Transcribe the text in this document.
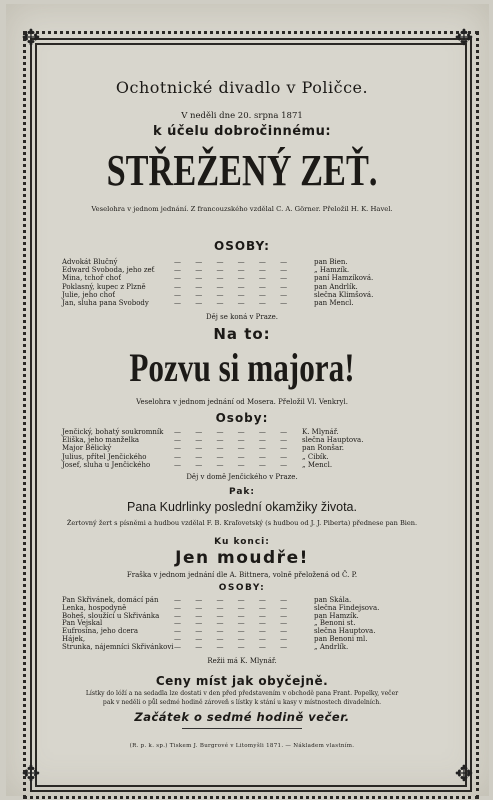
✥	✥
✥	✥
Ochotnické divadlo v Poličce.
V neděli dne 20. srpna 1871
k účelu dobročinnému:
STŘEŽENÝ ZEŤ.
Veselohra v jednom jednání. Z francouzského vzdělal C. A. Görner. Přeložil H. K. Havel.
OSOBY:
Advokát Blučný	— — — — — —	pan Bien.
Edward Svoboda, jeho zeť	— — — — — —	„ Hamzík.
Mina, tchoř choť	— — — — — —	paní Hamzíková.
Poklasný, kupec z Plzně	— — — — — —	pan Andrlík.
Julie, jeho choť	— — — — — —	slečna Klimšová.
Jan, sluha pana Svobody	— — — — — —	pan Mencl.
Děj se koná v Praze.
Na to:
Pozvu si majora!
Veselohra v jednom jednání od Mosera. Přeložil Vl. Venkryl.
Osoby:
Jenčický, bohatý soukromník — — — — — — K. Mlynář.
Eliška, jeho manželka	— — — — — — slečna Hauptova.
Major Bělický	— — — — — — pan Ronšar.
Julius, přítel Jenčického	— — — — — — „ Cibík.
Josef, sluha u Jenčického	— — — — — — „ Mencl.
Děj v domě Jenčického v Praze.
Pak:
Pana Kudrlinky poslední okamžiky života.
Žertovný žert s písněmi a hudbou vzdělal F. B. Kraľovetský (s hudbou od J. J. Piberta) přednese pan Bien.
Ku konci:
Jen moudře!
Fraška v jednom jednání dle A. Bittnera, volně přeložená od Č. P.
OSOBY:
Pan Skřivánek, domácí pán — — — — — —	pan Skála.
Lenka, hospodyně	— — — — — —	slečna Findejsova.
Boheš, sloužící u Skřivánka — — — — — —	pan Hamzík.
Pan Vejskal	— — — — — —	„ Benoni st.
Eufrosína, jeho dcera	— — — — — —	slečna Hauptova.
Hájek,	— — — — — —	pan Benoni ml.
Strunka, nájemníci Skřivánkovi — — — — — —	„ Andrlík.
Režii má K. Mlynář.
Ceny míst jak obyčejně.
Lístky do lóží a na sedadla lze dostati v den před představením v obchodě pana Frant. Popelky, večer
pak v neděli o půl sedmé hodině zároveň s lístky k stání u kasy v místnostech divadelních.
Začátek o sedmé hodině večer.
(R. p. k. sp.) Tiskem J. Burgrové v Litomyšli 1871. — Nákladem vlastním.
